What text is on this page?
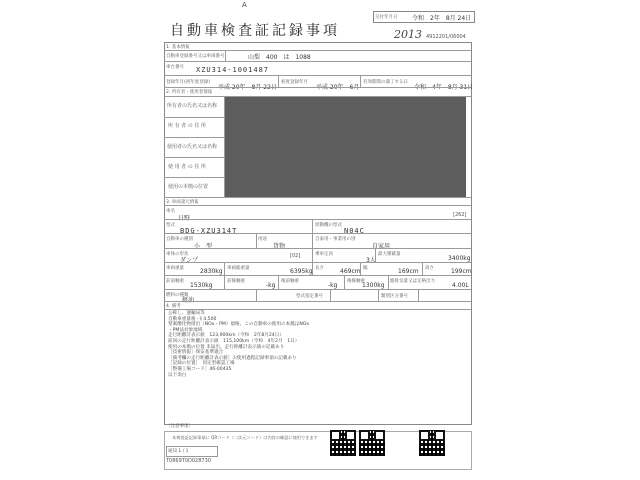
A
自動車検査証記録事項	2013
交付年月日 令和　2年　8月 24日
4912201/06004
1. 基本情報
自動車登録番号又は車両番号	山梨　400　は　1088
車台番号 XZU314-1001487
登録年月(初年度登録)
平成 20年　8月 22日
初度登録年月
平成 20年　6月
有効期間の満了する日
令和　4年　8月 31日
2. 所有者・使用者情報
所有者の氏名又は名称
所 有 者 の 住 所
使用者の氏名又は名称
使 用 者 の 住 所
使用の本拠の位置
3. 車両諸元情報
車名
日野	[262]
型式
BDG-XZU314T
原動機の型式
N04C
自動車の種別
小　型
用途
貨物
自家用・事業用の別
自家用
車体の形状
ダンプ
[02]	乗車定員
3人
最大積載量
3400kg
車両重量	2830kg 車両総重量	6395kg 長さ	469cm 幅	169cm 高さ	199cm
前前軸重
1530kg
前後軸重
-kg
後前軸重
-kg
後後軸重
1300kg
総排気量又は定格出力
4.00L
燃料の種類
軽油
型式指定番号	類別区分番号
4. 備考
公称し、運輸局等
自動車重量税 -￥4,500
窒素酸化物排出（NOx・PM）規格、この自動車の使用の本拠はNOx
・PM法対象地域
走行距離計表示値　123,900km（令和　2年8月24日）
前回の走行距離計表示値　115,100km（令和　4年2月　1日）
使用の本拠の位置 未届出、走行距離計表示値の記載あり
［技術情報］保安基準適合
［備考欄の走行距離計表示値］お使用過程記録事項の記載あり
［記録の位置］　同定型確認工場
［整備工場コード］46-00435
以下余白
［注意事項］
本検査証記録事項に QRコード（二次元コード）は内容の確認に使用できます
通知 1 / 1
T0869T0D028730
